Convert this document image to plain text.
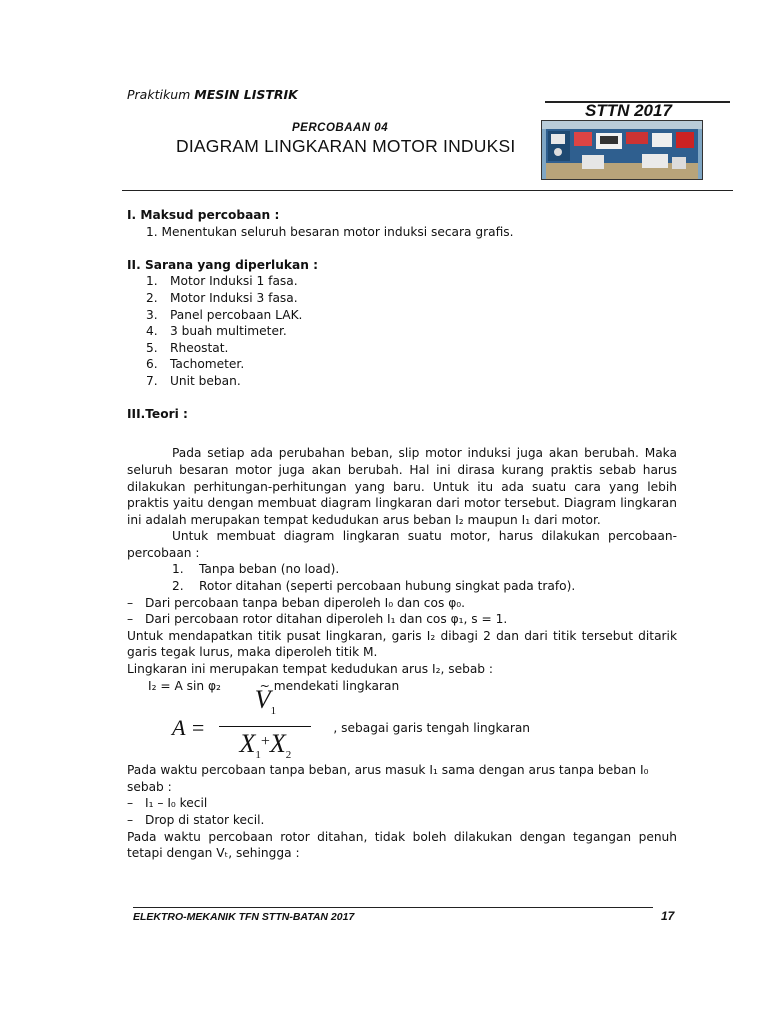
Praktikum MESIN LISTRIK
STTN 2017
PERCOBAAN 04
DIAGRAM LINGKARAN MOTOR INDUKSI
I. Maksud percobaan :
1. Menentukan seluruh besaran motor induksi secara grafis.
II. Sarana yang diperlukan :
1.	Motor Induksi 1 fasa.
2.	Motor Induksi 3 fasa.
3.	Panel percobaan LAK.
4.	3 buah multimeter.
5.	Rheostat.
6.	Tachometer.
7.	Unit beban.
III.Teori :
Pada setiap ada perubahan beban, slip motor induksi juga akan berubah. Maka seluruh besaran motor juga akan berubah. Hal ini dirasa kurang praktis sebab harus dilakukan perhitungan-perhitungan yang baru. Untuk itu ada suatu cara yang lebih praktis yaitu dengan membuat diagram lingkaran dari motor tersebut. Diagram lingkaran ini adalah merupakan tempat kedudukan arus beban I₂ maupun I₁ dari motor.
Untuk membuat diagram lingkaran suatu motor, harus dilakukan percobaan-percobaan :
1.	Tanpa beban (no load).
2.	Rotor ditahan (seperti percobaan hubung singkat pada trafo).
– Dari percobaan tanpa beban diperoleh I₀ dan cos φ₀.
– Dari percobaan rotor ditahan diperoleh I₁ dan cos φ₁, s = 1.
Untuk mendapatkan titik pusat lingkaran, garis I₂ dibagi 2 dan dari titik tersebut ditarik garis tegak lurus, maka diperoleh titik M.
Lingkaran ini merupakan tempat kedudukan arus I₂, sebab :
I₂ = A sin φ₂          ~ mendekati lingkaran
$A = \frac{V_1}{X_1^+X_2}$ , sebagai garis tengah lingkaran
Pada waktu percobaan tanpa beban, arus masuk I₁ sama dengan arus tanpa beban I₀ sebab :
– I₁ – I₀ kecil
– Drop di stator kecil.
Pada waktu percobaan rotor ditahan, tidak boleh dilakukan dengan tegangan penuh tetapi dengan Vₜ, sehingga :
ELEKTRO-MEKANIK TFN STTN-BATAN 2017	17
